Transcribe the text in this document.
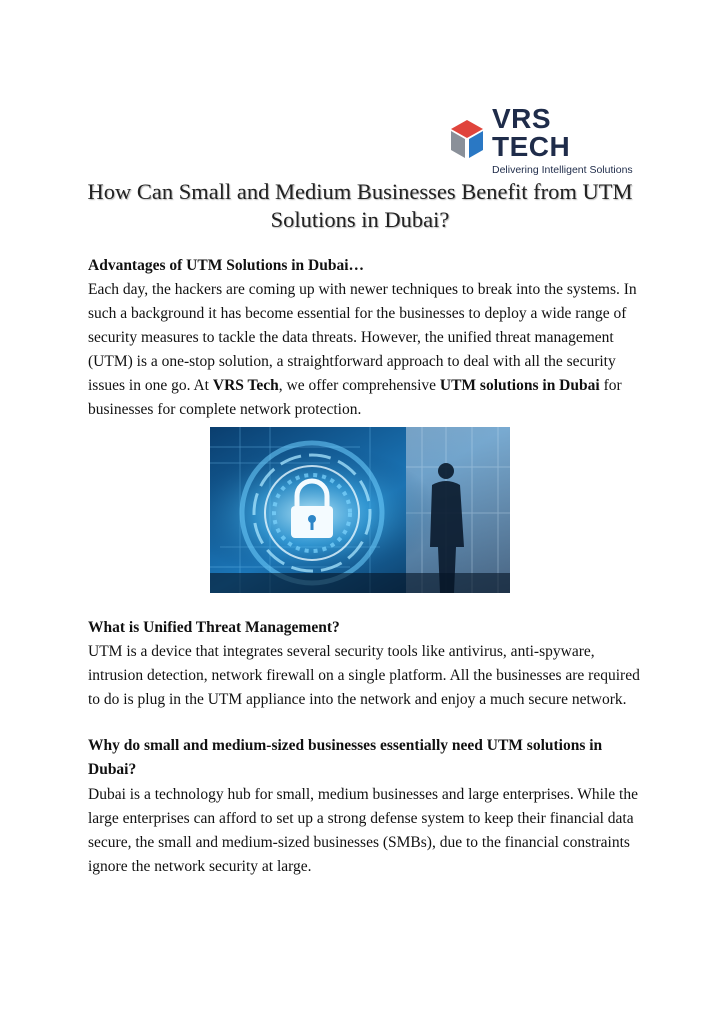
VRS TECH
Delivering Intelligent Solutions
How Can Small and Medium Businesses Benefit from UTM Solutions in Dubai?

Advantages of UTM Solutions in Dubai…

Each day, the hackers are coming up with newer techniques to break into the systems. In such a background it has become essential for the businesses to deploy a wide range of security measures to tackle the data threats. However, the unified threat management (UTM) is a one-stop solution, a straightforward approach to deal with all the security issues in one go. At VRS Tech, we offer comprehensive UTM solutions in Dubai for businesses for complete network protection.

What is Unified Threat Management?

UTM is a device that integrates several security tools like antivirus, anti-spyware, intrusion detection, network firewall on a single platform. All the businesses are required to do is plug in the UTM appliance into the network and enjoy a much secure network.

Why do small and medium-sized businesses essentially need UTM solutions in Dubai?

Dubai is a technology hub for small, medium businesses and large enterprises. While the large enterprises can afford to set up a strong defense system to keep their financial data secure, the small and medium-sized businesses (SMBs), due to the financial constraints ignore the network security at large.
